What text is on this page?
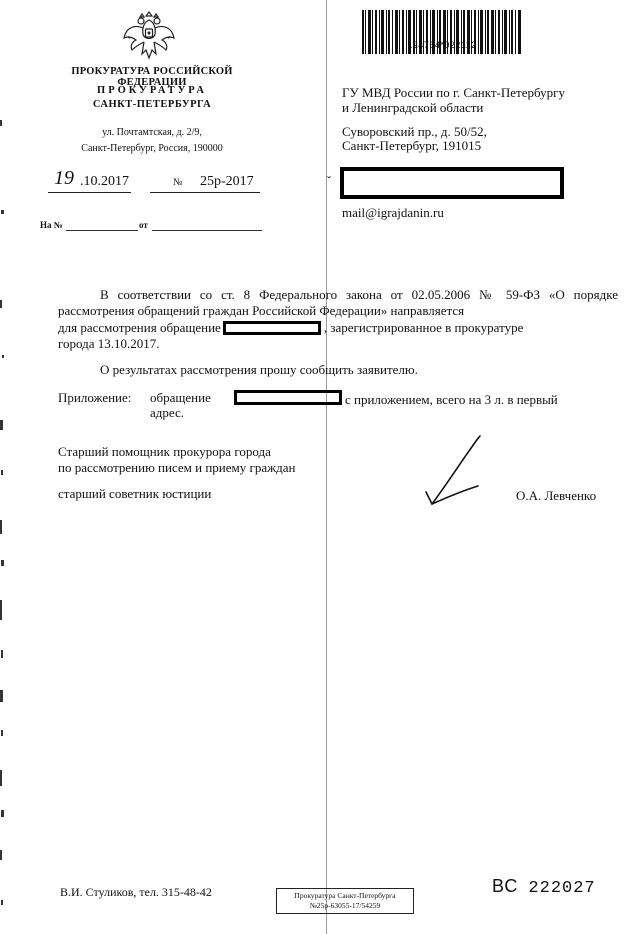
ПРОКУРАТУРА РОССИЙСКОЙ ФЕДЕРАЦИИ
ПРОКУРАТУРА
САНКТ-ПЕТЕРБУРГА
ул. Почтамтская, д. 2/9,
Санкт-Петербург, Россия, 190000
19 .10.2017	№ 25р-2017
На №	от
124764*022112
ГУ МВД России по г. Санкт-Петербургу
и Ленинградской области
Суворовский пр., д. 50/52,
Санкт-Петербург, 191015
ˇ
mail@igrajdanin.ru
В соответствии со ст. 8 Федерального закона от 02.05.2006 № 59-ФЗ «О порядке рассмотрения обращений граждан Российской Федерации» направляется
для рассмотрения обращение	, зарегистрированное в прокуратуре
города 13.10.2017.
О результатах рассмотрения прошу сообщить заявителю.
Приложение: обращение	с приложением, всего на 3 л. в первый
адрес.
Старший помощник прокурора города
по рассмотрению писем и приему граждан
старший советник юстиции	О.А. Левченко
В.И. Стуликов, тел. 315-48-42	Прокуратура Санкт-Петербурга
№25р-63055-17/54259
ВС 222027
